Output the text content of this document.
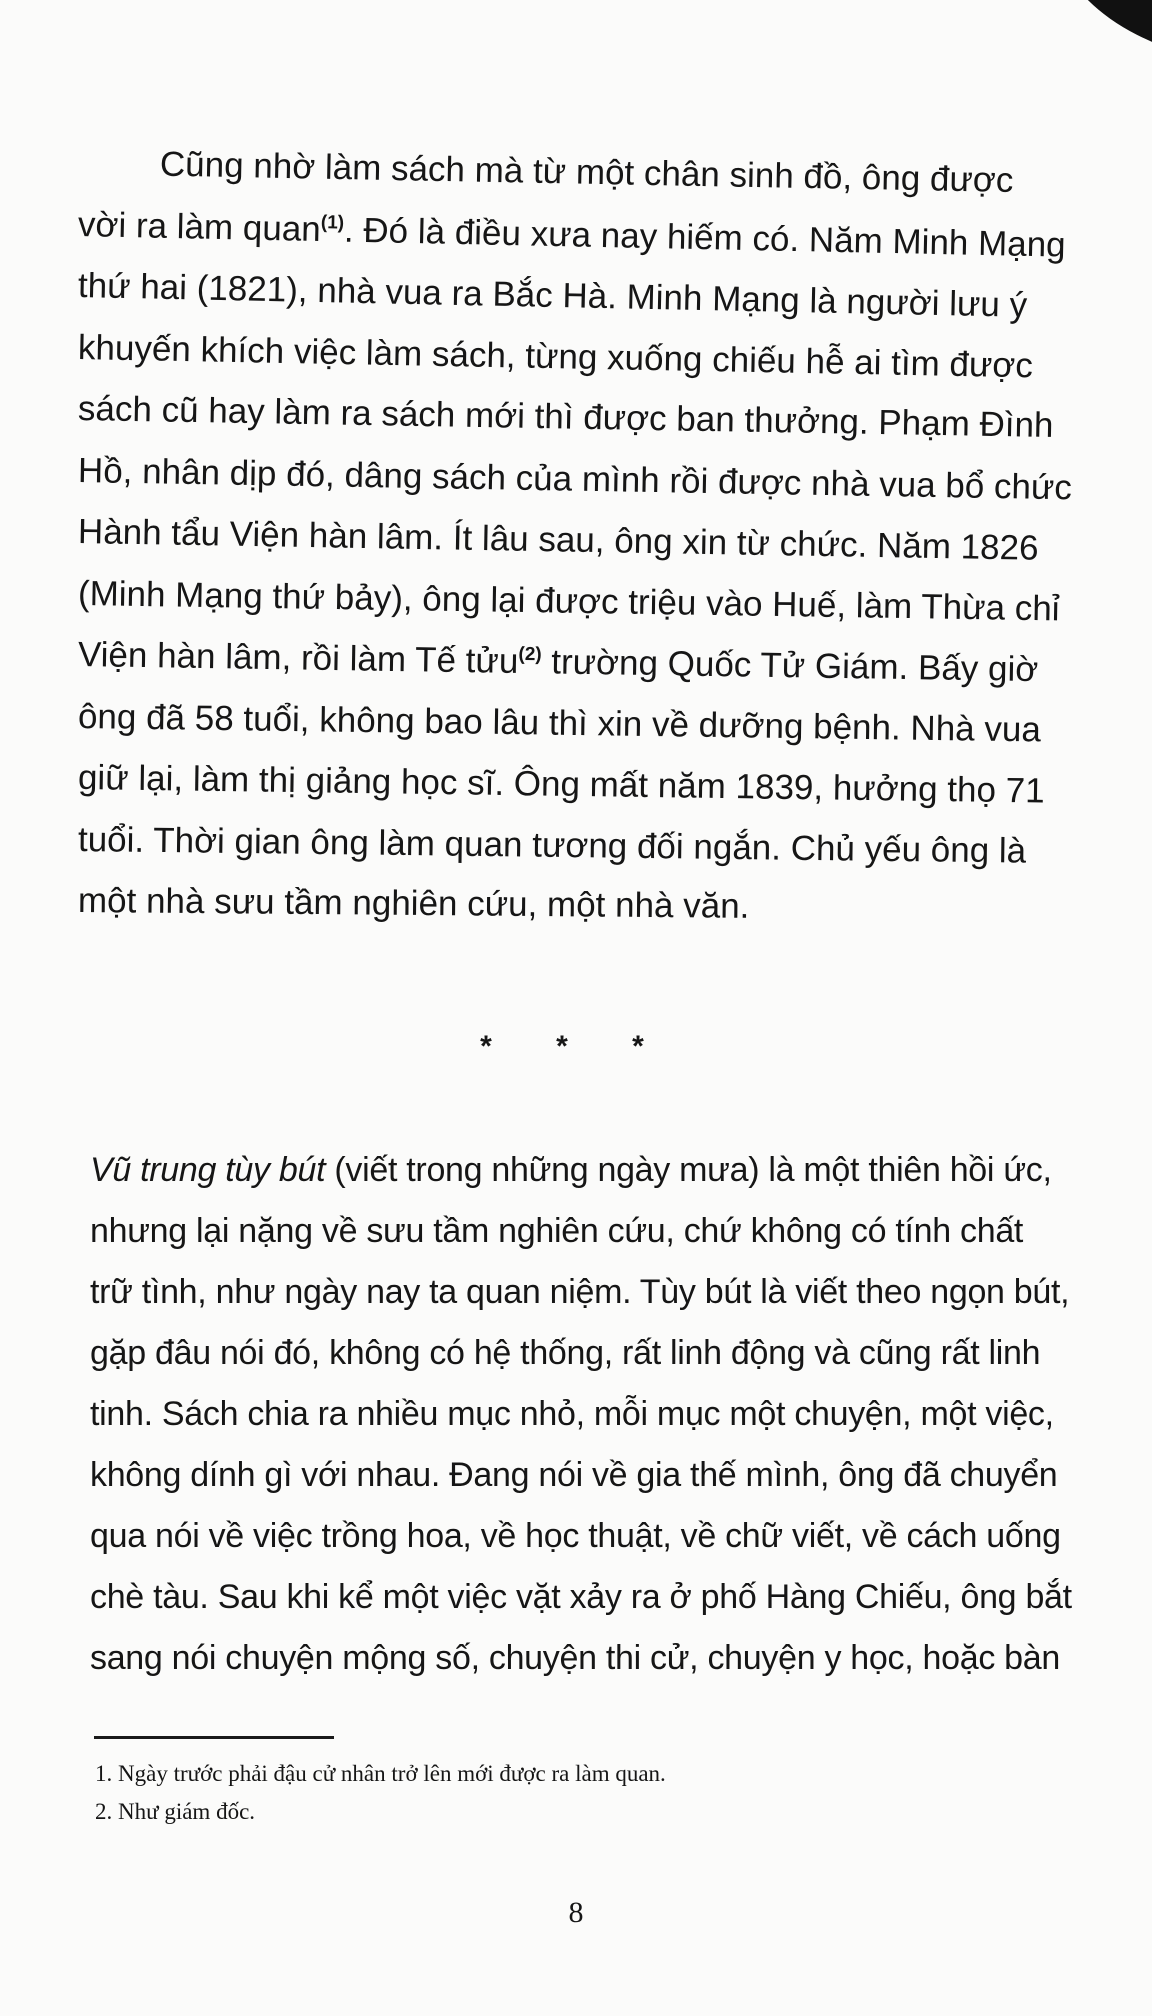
Cũng nhờ làm sách mà từ một chân sinh đồ, ông được
vời ra làm quan$^{(1)}$. Đó là điều xưa nay hiếm có. Năm Minh Mạng
thứ hai (1821), nhà vua ra Bắc Hà. Minh Mạng là người lưu ý
khuyến khích việc làm sách, từng xuống chiếu hễ ai tìm được
sách cũ hay làm ra sách mới thì được ban thưởng. Phạm Đình
Hồ, nhân dịp đó, dâng sách của mình rồi được nhà vua bổ chức
Hành tẩu Viện hàn lâm. Ít lâu sau, ông xin từ chức. Năm 1826
(Minh Mạng thứ bảy), ông lại được triệu vào Huế, làm Thừa chỉ
Viện hàn lâm, rồi làm Tế tửu$^{(2)}$ trường Quốc Tử Giám. Bấy giờ
ông đã 58 tuổi, không bao lâu thì xin về dưỡng bệnh. Nhà vua
giữ lại, làm thị giảng học sĩ. Ông mất năm 1839, hưởng thọ 71
tuổi. Thời gian ông làm quan tương đối ngắn. Chủ yếu ông là
một nhà sưu tầm nghiên cứu, một nhà văn.

* * *

Vũ trung tùy bút (viết trong những ngày mưa) là một thiên hồi ức,
nhưng lại nặng về sưu tầm nghiên cứu, chứ không có tính chất
trữ tình, như ngày nay ta quan niệm. Tùy bút là viết theo ngọn bút,
gặp đâu nói đó, không có hệ thống, rất linh động và cũng rất linh
tinh. Sách chia ra nhiều mục nhỏ, mỗi mục một chuyện, một việc,
không dính gì với nhau. Đang nói về gia thế mình, ông đã chuyển
qua nói về việc trồng hoa, về học thuật, về chữ viết, về cách uống
chè tàu. Sau khi kể một việc vặt xảy ra ở phố Hàng Chiếu, ông bắt
sang nói chuyện mộng số, chuyện thi cử, chuyện y học, hoặc bàn
1. Ngày trước phải đậu cử nhân trở lên mới được ra làm quan.
2. Như giám đốc.
8
